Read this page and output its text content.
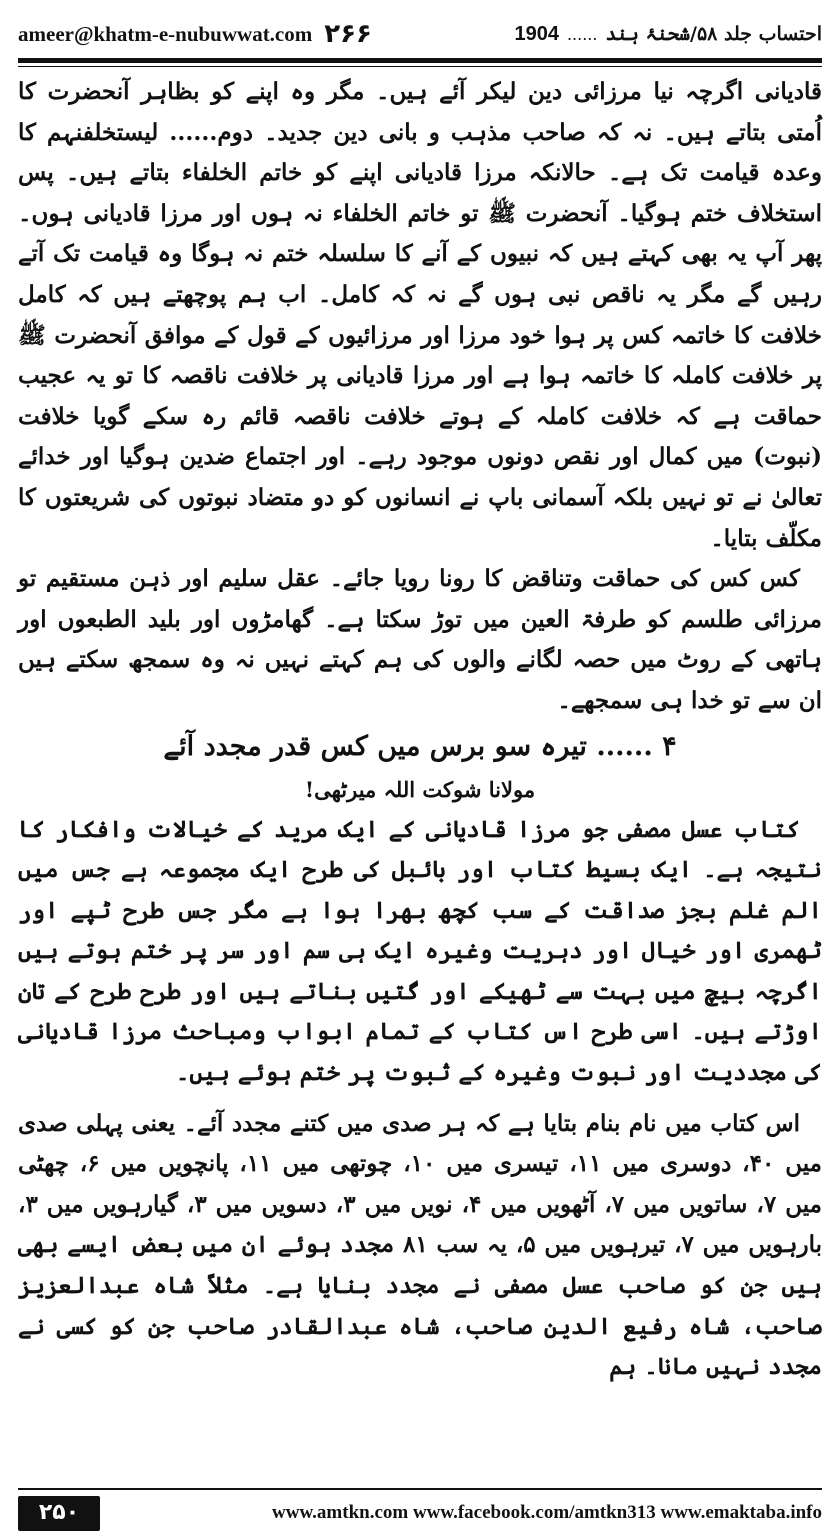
ameer@khatm-e-nubuwwat.com ۲۶۶	1904 ...... احتساب جلد ۵۸/شحنۂ ہند

قادیانی اگرچہ نیا مرزائی دین لیکر آئے ہیں۔ مگر وہ اپنے کو بظاہر آنحضرت کا اُمتی بتاتے ہیں۔ نہ کہ صاحب مذہب و بانی دین جدید۔ دوم...... لیستخلفنہم کا وعدہ قیامت تک ہے۔ حالانکہ مرزا قادیانی اپنے کو خاتم الخلفاء بتاتے ہیں۔ پس استخلاف ختم ہوگیا۔ آنحضرت ﷺ تو خاتم الخلفاء نہ ہوں اور مرزا قادیانی ہوں۔ پھر آپ یہ بھی کہتے ہیں کہ نبیوں کے آنے کا سلسلہ ختم نہ ہوگا وہ قیامت تک آتے رہیں گے مگر یہ ناقص نبی ہوں گے نہ کہ کامل۔ اب ہم پوچھتے ہیں کہ کامل خلافت کا خاتمہ کس پر ہوا خود مرزا اور مرزائیوں کے قول کے موافق آنحضرت ﷺ پر خلافت کاملہ کا خاتمہ ہوا ہے اور مرزا قادیانی پر خلافت ناقصہ کا تو یہ عجیب حماقت ہے کہ خلافت کاملہ کے ہوتے خلافت ناقصہ قائم رہ سکے گویا خلافت (نبوت) میں کمال اور نقص دونوں موجود رہے۔ اور اجتماع ضدین ہوگیا اور خدائے تعالیٰ نے تو نہیں بلکہ آسمانی باپ نے انسانوں کو دو متضاد نبوتوں کی شریعتوں کا مکلّف بتایا۔

کس کس کی حماقت وتناقض کا رونا رویا جائے۔ عقل سلیم اور ذہن مستقیم تو مرزائی طلسم کو طرفۃ العین میں توڑ سکتا ہے۔ گھامڑوں اور بلید الطبعوں اور ہاتھی کے روٹ میں حصہ لگانے والوں کی ہم کہتے نہیں نہ وہ سمجھ سکتے ہیں ان سے تو خدا ہی سمجھے۔

۴ ...... تیرہ سو برس میں کس قدر مجدد آئے

مولانا شوکت اللہ میرٹھی!

کتاب عسل مصفی جو مرزا قادیانی کے ایک مرید کے خیالات وافکار کا نتیجہ ہے۔ ایک بسیط کتاب اور بائبل کی طرح ایک مجموعہ ہے جس میں الم غلم بجز صداقت کے سب کچھ بھرا ہوا ہے مگر جس طرح ٹپے اور ٹھمری اور خیال اور دہریت وغیرہ ایک ہی سم اور سر پر ختم ہوتے ہیں اگرچہ بیچ میں بہت سے ٹھیکے اور گتیں بناتے ہیں اور طرح طرح کے تان اوڑتے ہیں۔ اسی طرح اس کتاب کے تمام ابواب ومباحث مرزا قادیانی کی مجددیت اور نبوت وغیرہ کے ثبوت پر ختم ہوئے ہیں۔

اس کتاب میں نام بنام بتایا ہے کہ ہر صدی میں کتنے مجدد آئے۔ یعنی پہلی صدی میں ۴۰، دوسری میں ۱۱، تیسری میں ۱۰، چوتھی میں ۱۱، پانچویں میں ۶، چھٹی میں ۷، ساتویں میں ۷، آٹھویں میں ۴، نویں میں ۳، دسویں میں ۳، گیارہویں میں ۳، بارہویں میں ۷، تیرہویں میں ۵، یہ سب ۸۱ مجدد ہوئے ان میں بعض ایسے بھی ہیں جن کو صاحب عسل مصفی نے مجدد بنایا ہے۔ مثلاً شاہ عبدالعزیز صاحب، شاہ رفیع الدین صاحب، شاہ عبدالقادر صاحب جن کو کسی نے مجدد نہیں مانا۔ ہم

۲۵۰	www.amtkn.com www.facebook.com/amtkn313 www.emaktaba.info
